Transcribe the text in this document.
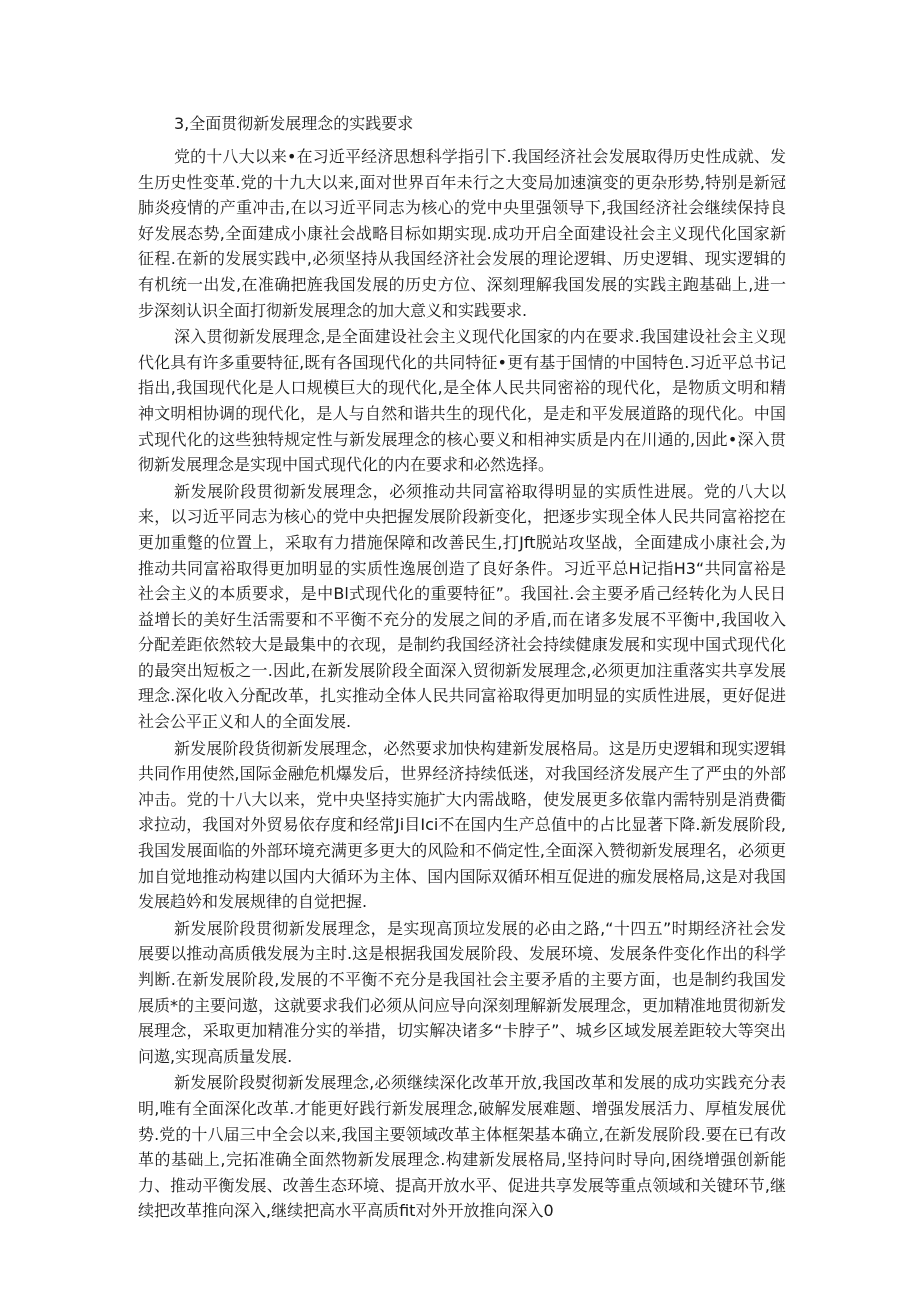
3,全面贯彻新发展理念的实践要求

党的十八大以来•在习近平经济思想科学指引下.我国经济社会发展取得历史性成就、发生历史性变革.党的十九大以来,面对世界百年未行之大变局加速演变的更杂形势,特别是新冠肺炎疫情的产重冲击,在以习近平同志为核心的党中央里强领导下,我国经济社会继续保持良好发展态势,全面建成小康社会战略目标如期实现.成功开启全面建设社会主义现代化国家新征程.在新的发展实践中,必须坚持从我国经济社会发展的理论逻辑、历史逻辑、现实逻辑的有机统一出发,在准确把旌我国发展的历史方位、深刻理解我国发展的实践主跑基础上,进一步深刻认识全面打彻新发展理念的加大意义和实践要求.

深入贯彻新发展理念,是全面建设社会主义现代化国家的内在要求.我国建设社会主义现代化具有许多重要特征,既有各国现代化的共同特征•更有基于国情的中国特色.习近平总书记指出,我国现代化是人口规模巨大的现代化,是全体人民共同密裕的现代化，是物质文明和精神文明相协调的现代化，是人与自然和谐共生的现代化，是走和平发展道路的现代化。中国式现代化的这些独特规定性与新发展理念的核心要义和相神实质是内在川通的,因此•深入贯彻新发展理念是实现中国式现代化的内在要求和必然选择。

新发展阶段贯彻新发展理念，必须推动共同富裕取得明显的实质性进展。党的八大以来，以习近平同志为核心的党中央把握发展阶段新变化，把逐步实现全体人民共同富裕挖在更加重蹩的位置上，采取有力措施保障和改善民生,打Jft脱站攻坚战，全面建成小康社会,为推动共同富裕取得更加明显的实质性逸展创造了良好条件。习近平总H记指H3“共同富裕是社会主义的本质要求，是中Bl式现代化的重要特征”。我国社.会主要矛盾己经转化为人民日益增长的美好生活需要和不平衡不充分的发展之间的矛盾,而在诸多发展不平衡中,我国收入分配差距依然较大是最集中的衣现，是制约我国经济社会持续健康发展和实现中国式现代化的最突出短板之一.因此,在新发展阶段全面深入贸彻新发展理念,必须更加注重落实共享发展理念.深化收入分配改革，扎实推动全体人民共同富裕取得更加明显的实质性进展，更好促进社会公平正义和人的全面发展.

新发展阶段货彻新发展理念，必然要求加快构建新发展格局。这是历史逻辑和现实逻辑共同作用使然,国际金融危机爆发后，世界经济持续低迷，对我国经济发展产生了严虫的外部冲击。党的十八大以来，党中央坚持实施扩大内需战略，使发展更多依靠内需特别是消费衢求拉动，我国对外贸易依存度和经常Ji目Ici不在国内生产总值中的占比显著下降.新发展阶段,我国发展面临的外部环境充满更多更大的风险和不倘定性,全面深入赞彻新发展理名，必须更加自觉地推动构建以国内大循环为主体、国内国际双循环相互促进的痂发展格局,这是对我国发展趋妗和发展规律的自觉把握.

新发展阶段贯彻新发展理念，是实现高顶垃发展的必由之路,“十四五”时期经济社会发展要以推动高质俄发展为主时.这是根据我国发展阶段、发展环境、发展条件变化作出的科学判断.在新发展阶段,发展的不平衡不充分是我国社会主要矛盾的主要方面，也是制约我国发展质*的主要问遨，这就要求我们必须从问应导向深刻理解新发展理念，更加精准地贯彻新发展理念，采取更加精准分实的举措，切实解决诸多“卡脖子”、城乡区域发展差距较大等突出问遨,实现高质量发展.

新发展阶段熨彻新发展理念,必须继续深化改革开放,我国改革和发展的成功实践充分表明,唯有全面深化改革.才能更好践行新发展理念,破解发展难题、增强发展活力、厚植发展优势.党的十八届三中全会以来,我国主要领域改革主体框架基本确立,在新发展阶段.要在已有改革的基础上,完拓准确全面然物新发展理念.构建新发展格局,坚持问时导向,困绕增强创新能力、推动平衡发展、改善生态环境、提高开放水平、促进共享发展等重点领域和关键环节,继续把改革推向深入,继续把高水平高质fit对外开放推向深入0
